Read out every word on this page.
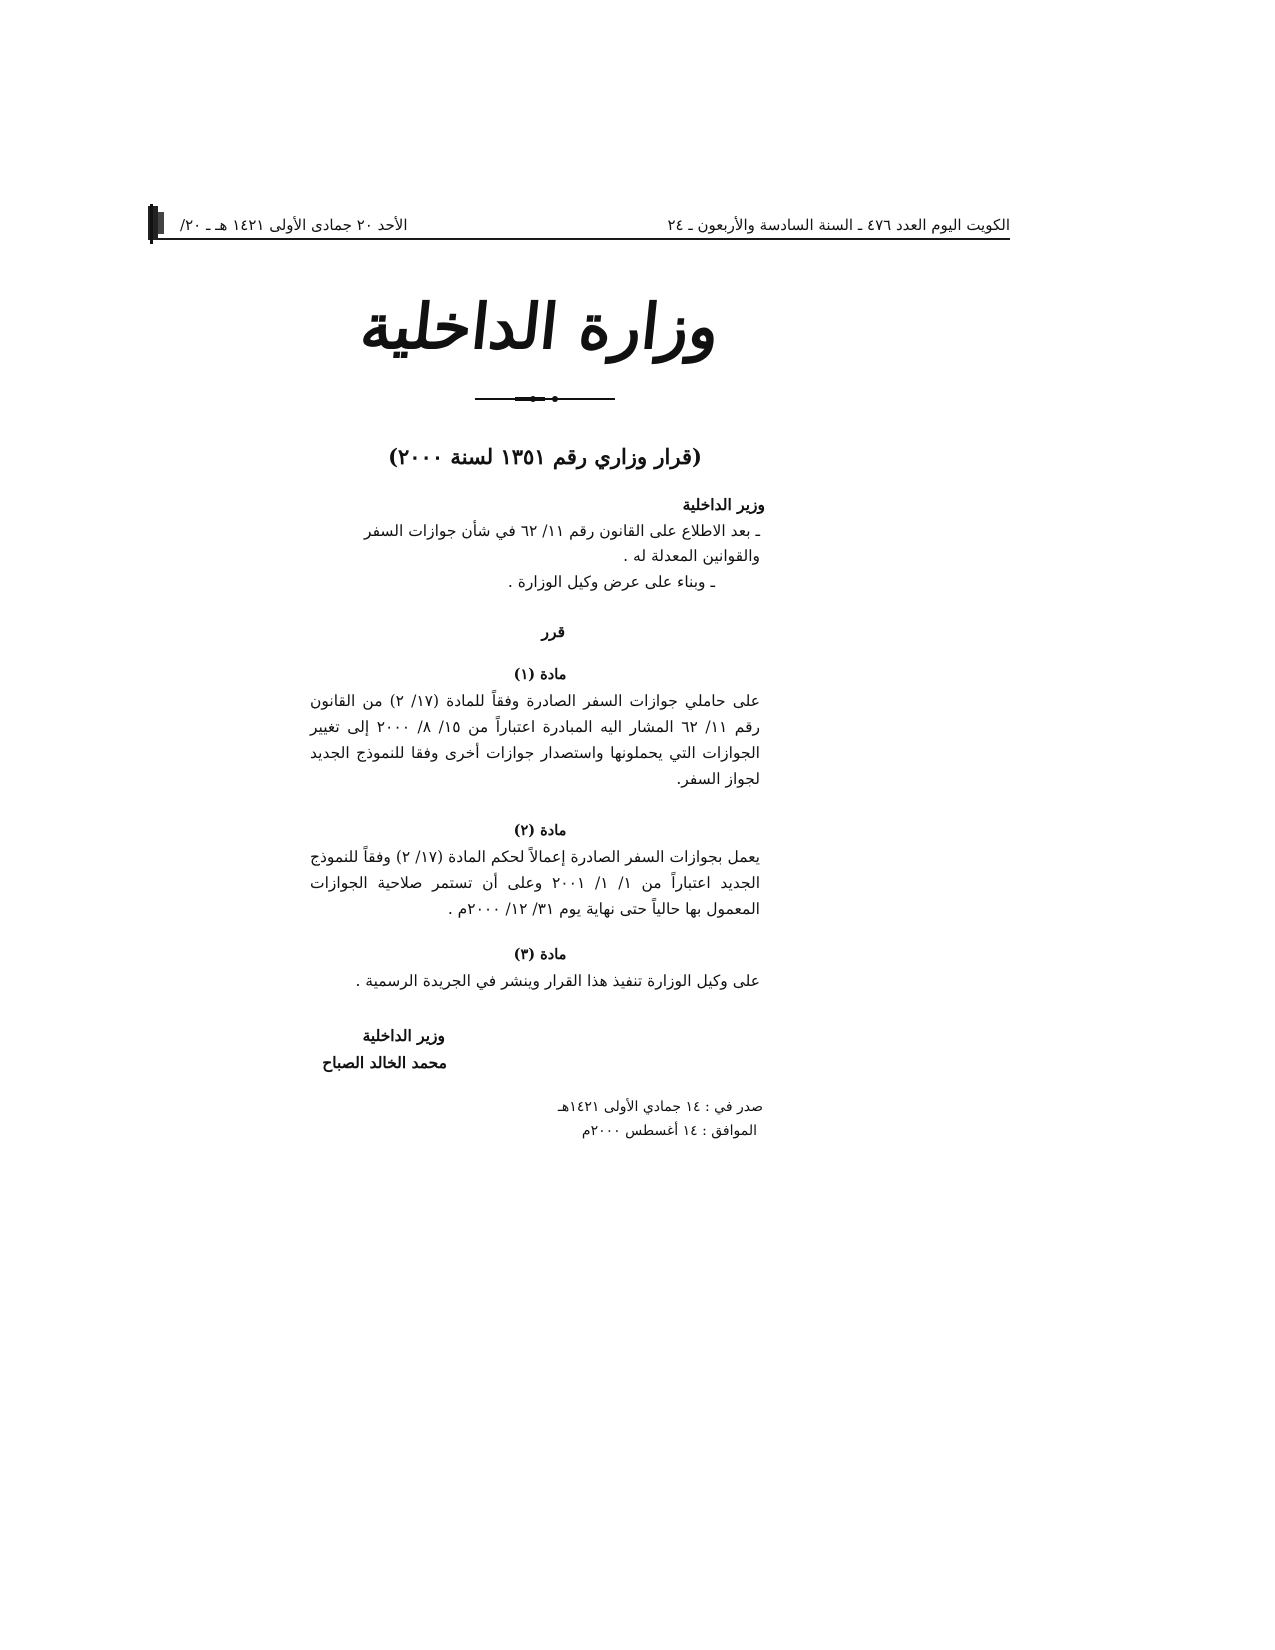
الأحد ٢٠ جمادى الأولى ١٤٢١ هـ ـ ٢٠/	الكويت اليوم العدد ٤٧٦ ـ السنة السادسة والأربعون ـ ٢٤
وزارة الداخلية
(قرار وزاري رقم ١٣٥١ لسنة ٢٠٠٠)
وزير الداخلية
ـ بعد الاطلاع على القانون رقم ١١/ ٦٢ في شأن جوازات السفر
والقوانين المعدلة له .
ـ وبناء على عرض وكيل الوزارة .
قرر
مادة (١)
على حاملي جوازات السفر الصادرة وفقاً للمادة (١٧/ ٢) من القانون رقم ١١/ ٦٢ المشار اليه المبادرة اعتباراً من ١٥/ ٨/ ٢٠٠٠ إلى تغيير الجوازات التي يحملونها واستصدار جوازات أخرى وفقا للنموذج الجديد لجواز السفر.
مادة (٢)
يعمل بجوازات السفر الصادرة إعمالاً لحكم المادة (١٧/ ٢) وفقاً للنموذج الجديد اعتباراً من ١/ ١/ ٢٠٠١ وعلى أن تستمر صلاحية الجوازات المعمول بها حالياً حتى نهاية يوم ٣١/ ١٢/ ٢٠٠٠م .
مادة (٣)
على وكيل الوزارة تنفيذ هذا القرار وينشر في الجريدة الرسمية .
وزير الداخلية
محمد الخالد الصباح
صدر في : ١٤ جمادي الأولى ١٤٢١هـ
الموافق : ١٤ أغسطس ٢٠٠٠م
